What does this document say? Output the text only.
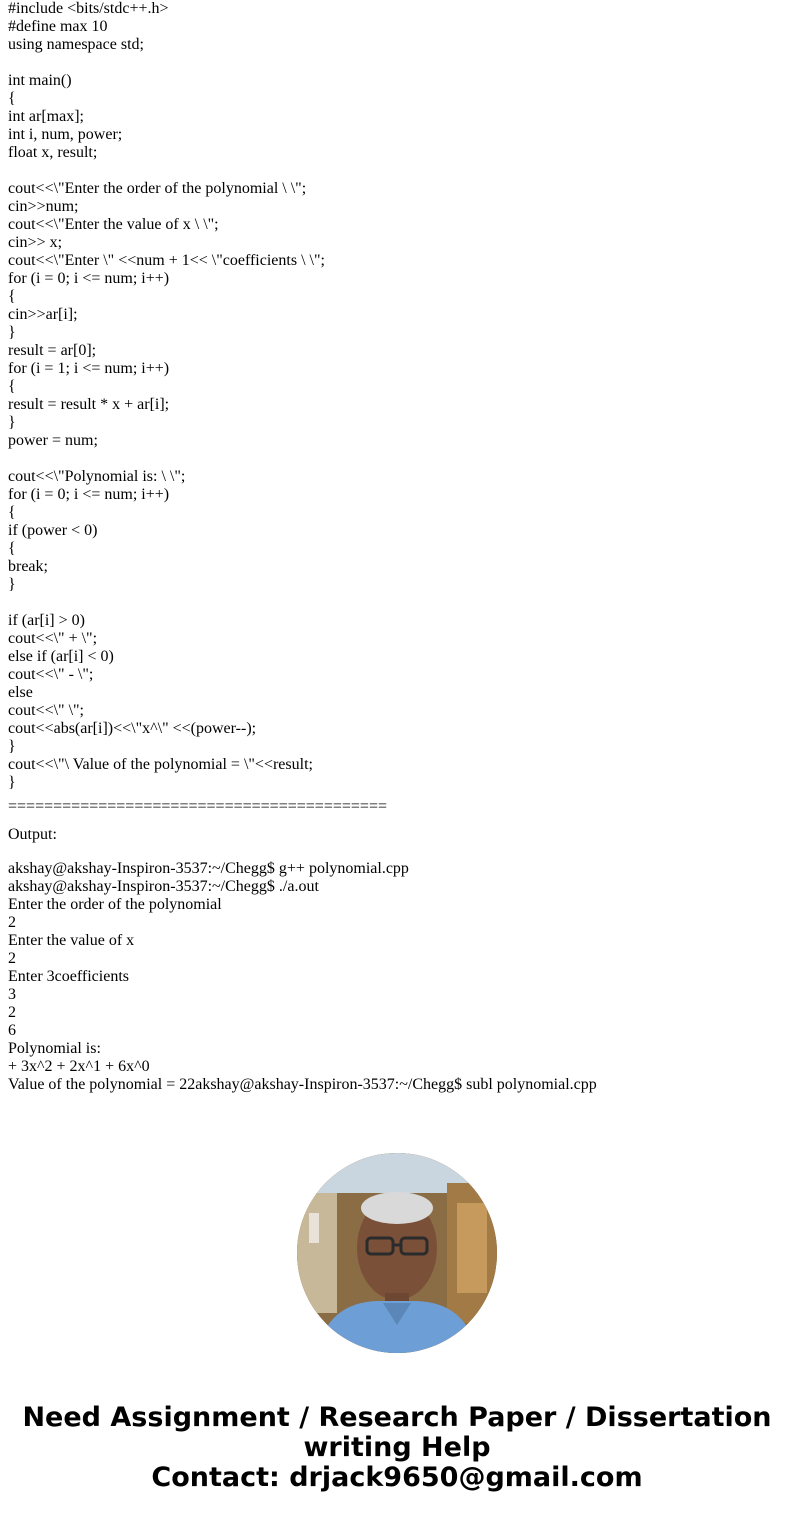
#include <bits/stdc++.h>
#define max 10
using namespace std;
int main()
{
int ar[max];
int i, num, power;
float x, result;
cout<<\"Enter the order of the polynomial \ \";
cin>>num;
cout<<\"Enter the value of x \ \";
cin>> x;
cout<<\"Enter \" <<num + 1<< \"coefficients \ \";
for (i = 0; i <= num; i++)
{
cin>>ar[i];
}
result = ar[0];
for (i = 1; i <= num; i++)
{
result = result * x + ar[i];
}
power = num;
cout<<\"Polynomial is: \ \";
for (i = 0; i <= num; i++)
{
if (power < 0)
{
break;
}
if (ar[i] > 0)
cout<<\" + \";
else if (ar[i] < 0)
cout<<\" - \";
else
cout<<\" \";
cout<<abs(ar[i])<<\"x^\" <<(power--);
}
cout<<\"\ Value of the polynomial = \"<<result;
}
==========================================
Output:
akshay@akshay-Inspiron-3537:~/Chegg$ g++ polynomial.cpp
akshay@akshay-Inspiron-3537:~/Chegg$ ./a.out
Enter the order of the polynomial
2
Enter the value of x
2
Enter 3coefficients
3
2
6
Polynomial is:
+ 3x^2 + 2x^1 + 6x^0
Value of the polynomial = 22akshay@akshay-Inspiron-3537:~/Chegg$ subl polynomial.cpp
Need Assignment / Research Paper / Dissertation
writing Help
Contact: drjack9650@gmail.com
